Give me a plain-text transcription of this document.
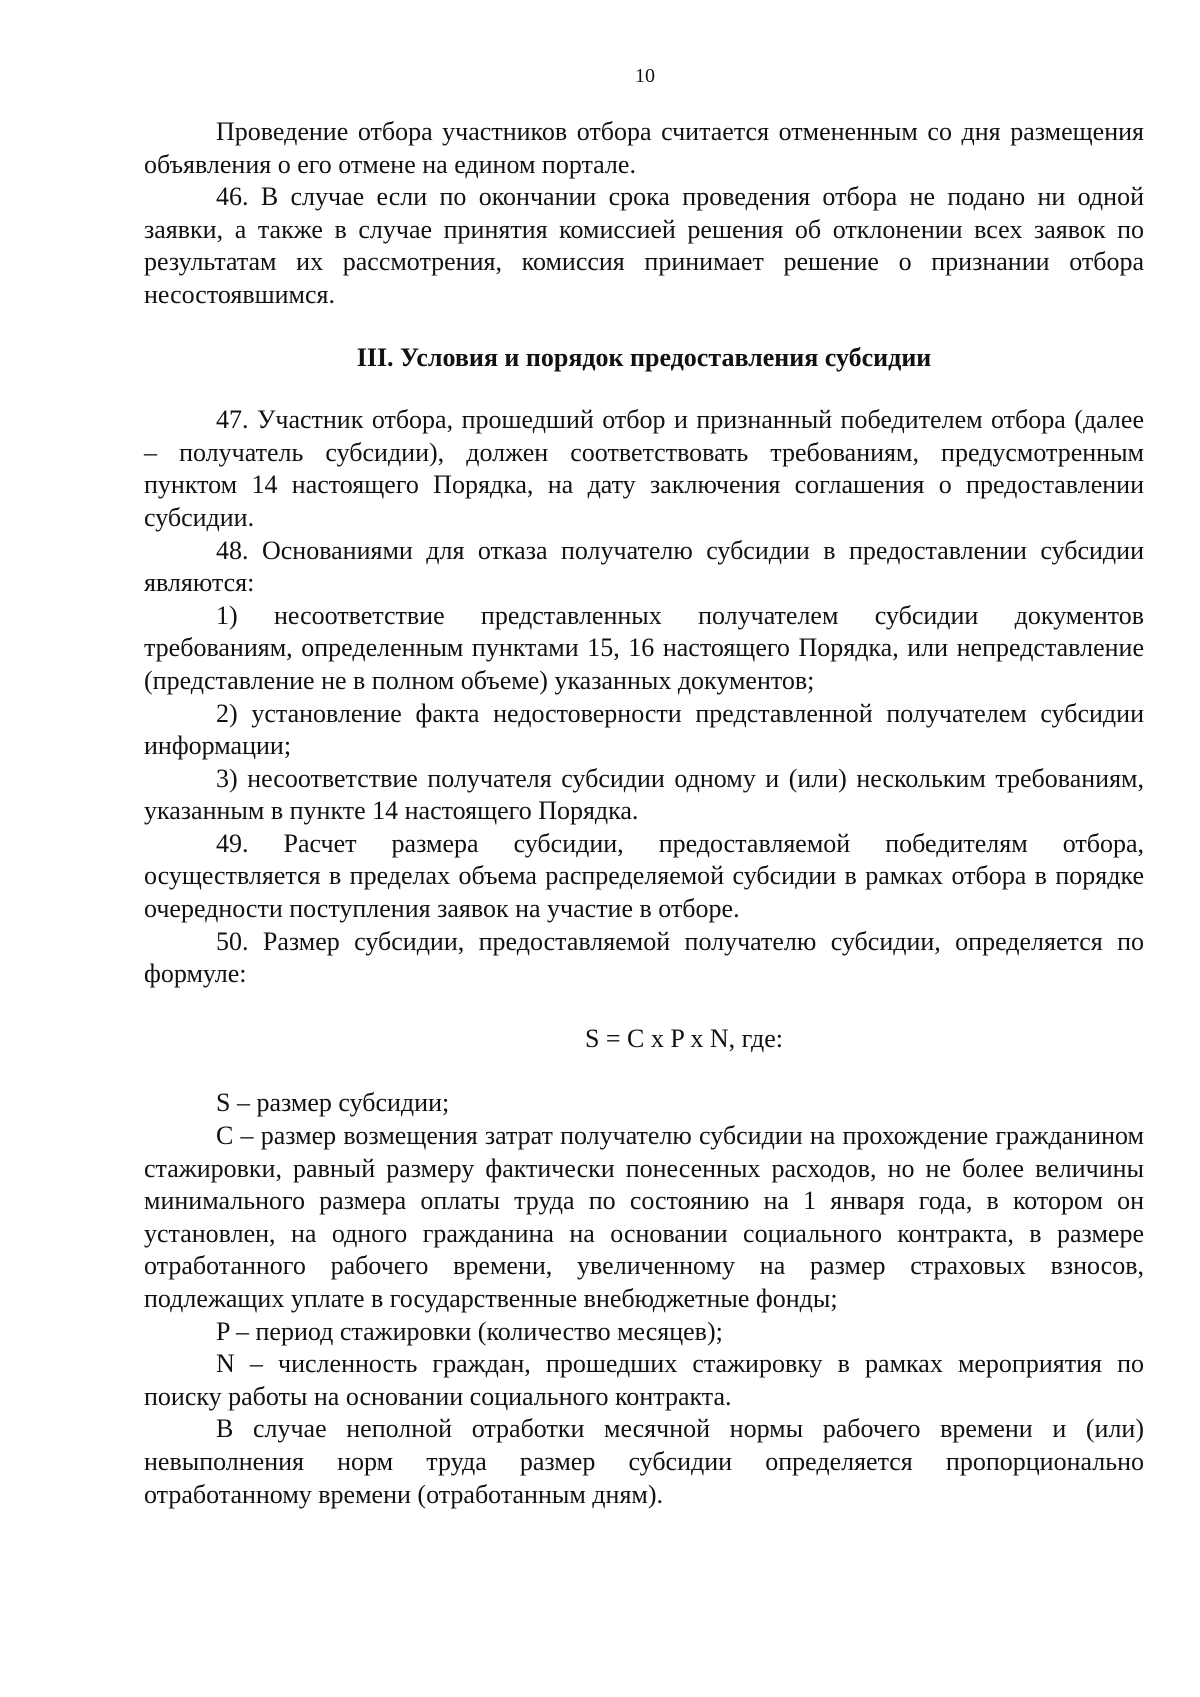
10

Проведение отбора участников отбора считается отмененным со дня размещения объявления о его отмене на едином портале.

46. В случае если по окончании срока проведения отбора не подано ни одной заявки, а также в случае принятия комиссией решения об отклонении всех заявок по результатам их рассмотрения, комиссия принимает решение о признании отбора несостоявшимся.

III. Условия и порядок предоставления субсидии

47. Участник отбора, прошедший отбор и признанный победителем отбора (далее – получатель субсидии), должен соответствовать требованиям, предусмотренным пунктом 14 настоящего Порядка, на дату заключения соглашения о предоставлении субсидии.

48. Основаниями для отказа получателю субсидии в предоставлении субсидии являются:

1) несоответствие представленных получателем субсидии документов требованиям, определенным пунктами 15, 16 настоящего Порядка, или непредставление (представление не в полном объеме) указанных документов;

2) установление факта недостоверности представленной получателем субсидии информации;

3) несоответствие получателя субсидии одному и (или) нескольким требованиям, указанным в пункте 14 настоящего Порядка.

49. Расчет размера субсидии, предоставляемой победителям отбора, осуществляется в пределах объема распределяемой субсидии в рамках отбора в порядке очередности поступления заявок на участие в отборе.

50. Размер субсидии, предоставляемой получателю субсидии, определяется по формуле:

S = C x P x N, где:

S – размер субсидии;

C – размер возмещения затрат получателю субсидии на прохождение гражданином стажировки, равный размеру фактически понесенных расходов, но не более величины минимального размера оплаты труда по состоянию на 1 января года, в котором он установлен, на одного гражданина на основании социального контракта, в размере отработанного рабочего времени, увеличенному на размер страховых взносов, подлежащих уплате в государственные внебюджетные фонды;

P – период стажировки (количество месяцев);

N – численность граждан, прошедших стажировку в рамках мероприятия по поиску работы на основании социального контракта.

В случае неполной отработки месячной нормы рабочего времени и (или) невыполнения норм труда размер субсидии определяется пропорционально отработанному времени (отработанным дням).
